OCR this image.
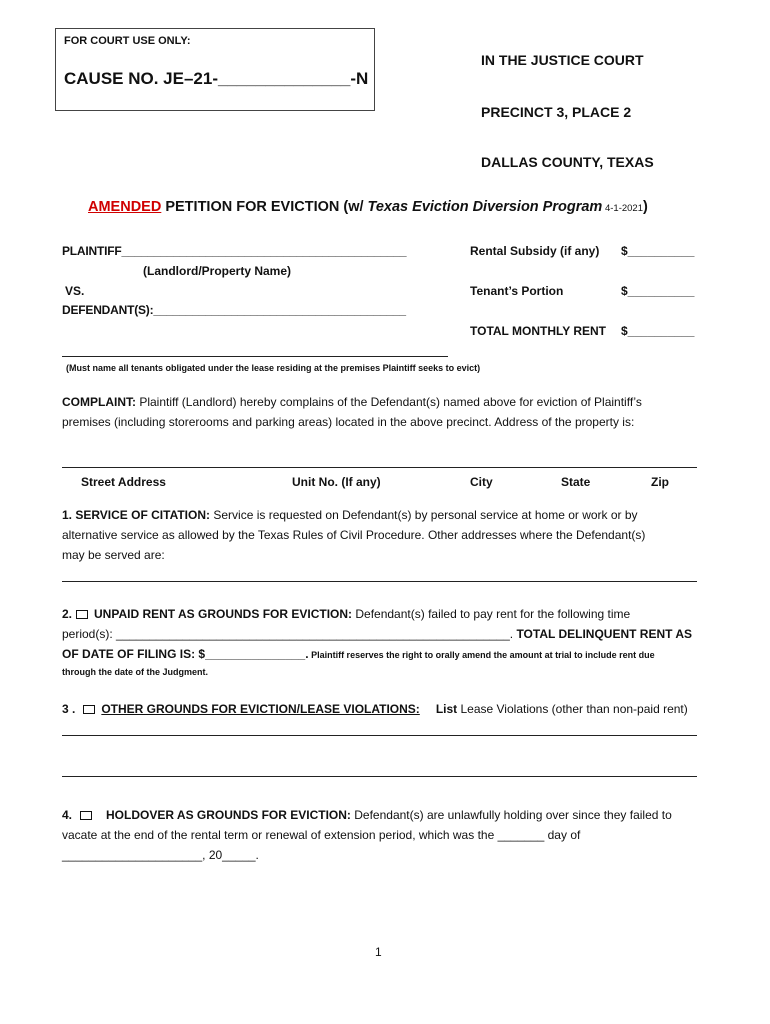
FOR COURT USE ONLY:
CAUSE NO. JE–21-______________-N
IN THE JUSTICE COURT
PRECINCT 3, PLACE 2
DALLAS COUNTY, TEXAS
AMENDED PETITION FOR EVICTION (w/ Texas Eviction Diversion Program 4-1-2021)
PLAINTIFF____________________________________________
(Landlord/Property Name)
VS.
DEFENDANT(S):_______________________________________
(Must name all tenants obligated under the lease residing at the premises Plaintiff seeks to evict)
Rental Subsidy (if any) $__________
Tenant’s Portion	$__________
TOTAL MONTHLY RENT $__________
COMPLAINT: Plaintiff (Landlord) hereby complains of the Defendant(s) named above for eviction of Plaintiff’s
premises (including storerooms and parking areas) located in the above precinct. Address of the property is:
Street Address	Unit No. (If any)	City	State	Zip
1. SERVICE OF CITATION: Service is requested on Defendant(s) by personal service at home or work or by
alternative service as allowed by the Texas Rules of Civil Procedure. Other addresses where the Defendant(s)
may be served are:
2. UNPAID RENT AS GROUNDS FOR EVICTION: Defendant(s) failed to pay rent for the following time
period(s): ___________________________________________________________. TOTAL DELINQUENT RENT AS
OF DATE OF FILING IS: $_______________. Plaintiff reserves the right to orally amend the amount at trial to include rent due
through the date of the Judgment.
3 . OTHER GROUNDS FOR EVICTION/LEASE VIOLATIONS: List Lease Violations (other than non-paid rent)
4.	HOLDOVER AS GROUNDS FOR EVICTION: Defendant(s) are unlawfully holding over since they failed to
vacate at the end of the rental term or renewal of extension period, which was the _______ day of
_____________________, 20_____.
1
